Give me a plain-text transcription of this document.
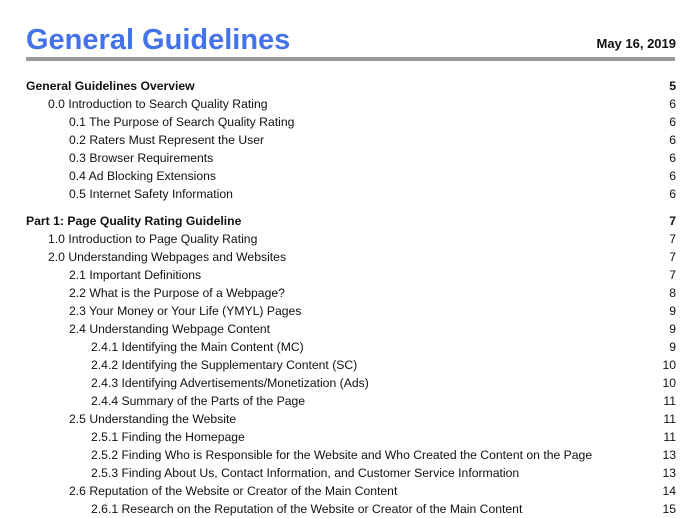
General Guidelines	May 16, 2019
General Guidelines Overview	5
0.0 Introduction to Search Quality Rating	6
0.1 The Purpose of Search Quality Rating	6
0.2 Raters Must Represent the User	6
0.3 Browser Requirements	6
0.4 Ad Blocking Extensions	6
0.5 Internet Safety Information	6
Part 1: Page Quality Rating Guideline	7
1.0 Introduction to Page Quality Rating	7
2.0 Understanding Webpages and Websites	7
2.1 Important Definitions	7
2.2 What is the Purpose of a Webpage?	8
2.3 Your Money or Your Life (YMYL) Pages	9
2.4 Understanding Webpage Content	9
2.4.1 Identifying the Main Content (MC)	9
2.4.2 Identifying the Supplementary Content (SC)	10
2.4.3 Identifying Advertisements/Monetization (Ads)	10
2.4.4 Summary of the Parts of the Page	11
2.5 Understanding the Website	11
2.5.1 Finding the Homepage	11
2.5.2 Finding Who is Responsible for the Website and Who Created the Content on the Page	13
2.5.3 Finding About Us, Contact Information, and Customer Service Information	13
2.6 Reputation of the Website or Creator of the Main Content	14
2.6.1 Research on the Reputation of the Website or Creator of the Main Content	15
